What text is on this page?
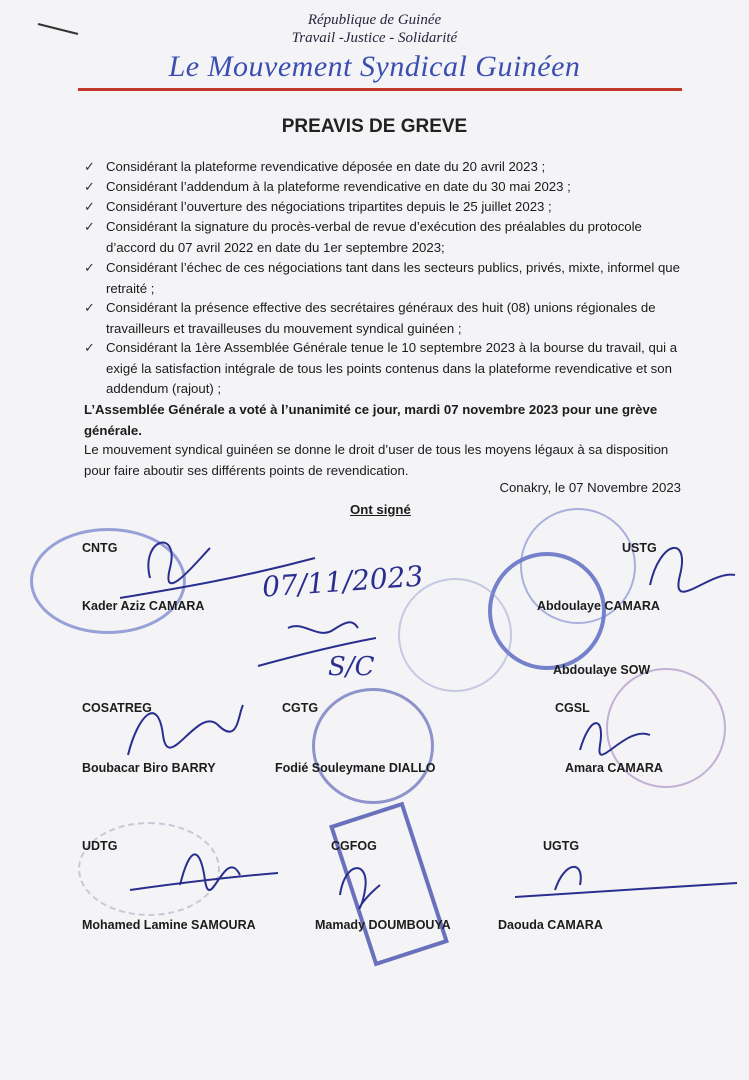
République de Guinée
Travail -Justice - Solidarité
Le Mouvement Syndical Guinéen
PREAVIS DE GREVE
✓ Considérant la plateforme revendicative déposée en date du 20 avril 2023 ;
✓ Considérant l’addendum à la plateforme revendicative en date du 30 mai 2023 ;
✓ Considérant l’ouverture des négociations tripartites depuis le 25 juillet 2023 ;
✓ Considérant la signature du procès-verbal de revue d’exécution des préalables du protocole d’accord du 07 avril 2022 en date du 1er septembre 2023;
✓ Considérant l’échec de ces négociations tant dans les secteurs publics, privés, mixte, informel que retraité ;
✓ Considérant la présence effective des secrétaires généraux des huit (08) unions régionales de travailleurs et travailleuses du mouvement syndical guinéen ;
✓ Considérant la 1ère Assemblée Générale tenue le 10 septembre 2023 à la bourse du travail, qui a exigé la satisfaction intégrale de tous les points contenus dans la plateforme revendicative et son addendum (rajout) ;
L’Assemblée Générale a voté à l’unanimité ce jour, mardi 07 novembre 2023 pour une grève générale.
Le mouvement syndical guinéen se donne le droit d’user de tous les moyens légaux à sa disposition pour faire aboutir ses différents points de revendication.
Conakry, le 07 Novembre 2023
Ont signé
07/11/2023
S/C
CNTG
Kader Aziz CAMARA
USTG
Abdoulaye CAMARA
Abdoulaye SOW
COSATREG
Boubacar Biro BARRY
CGTG
Fodié Souleymane DIALLO
CGSL
Amara CAMARA
UDTG
Mohamed Lamine SAMOURA
CGFOG
Mamady DOUMBOUYA
UGTG
Daouda CAMARA
